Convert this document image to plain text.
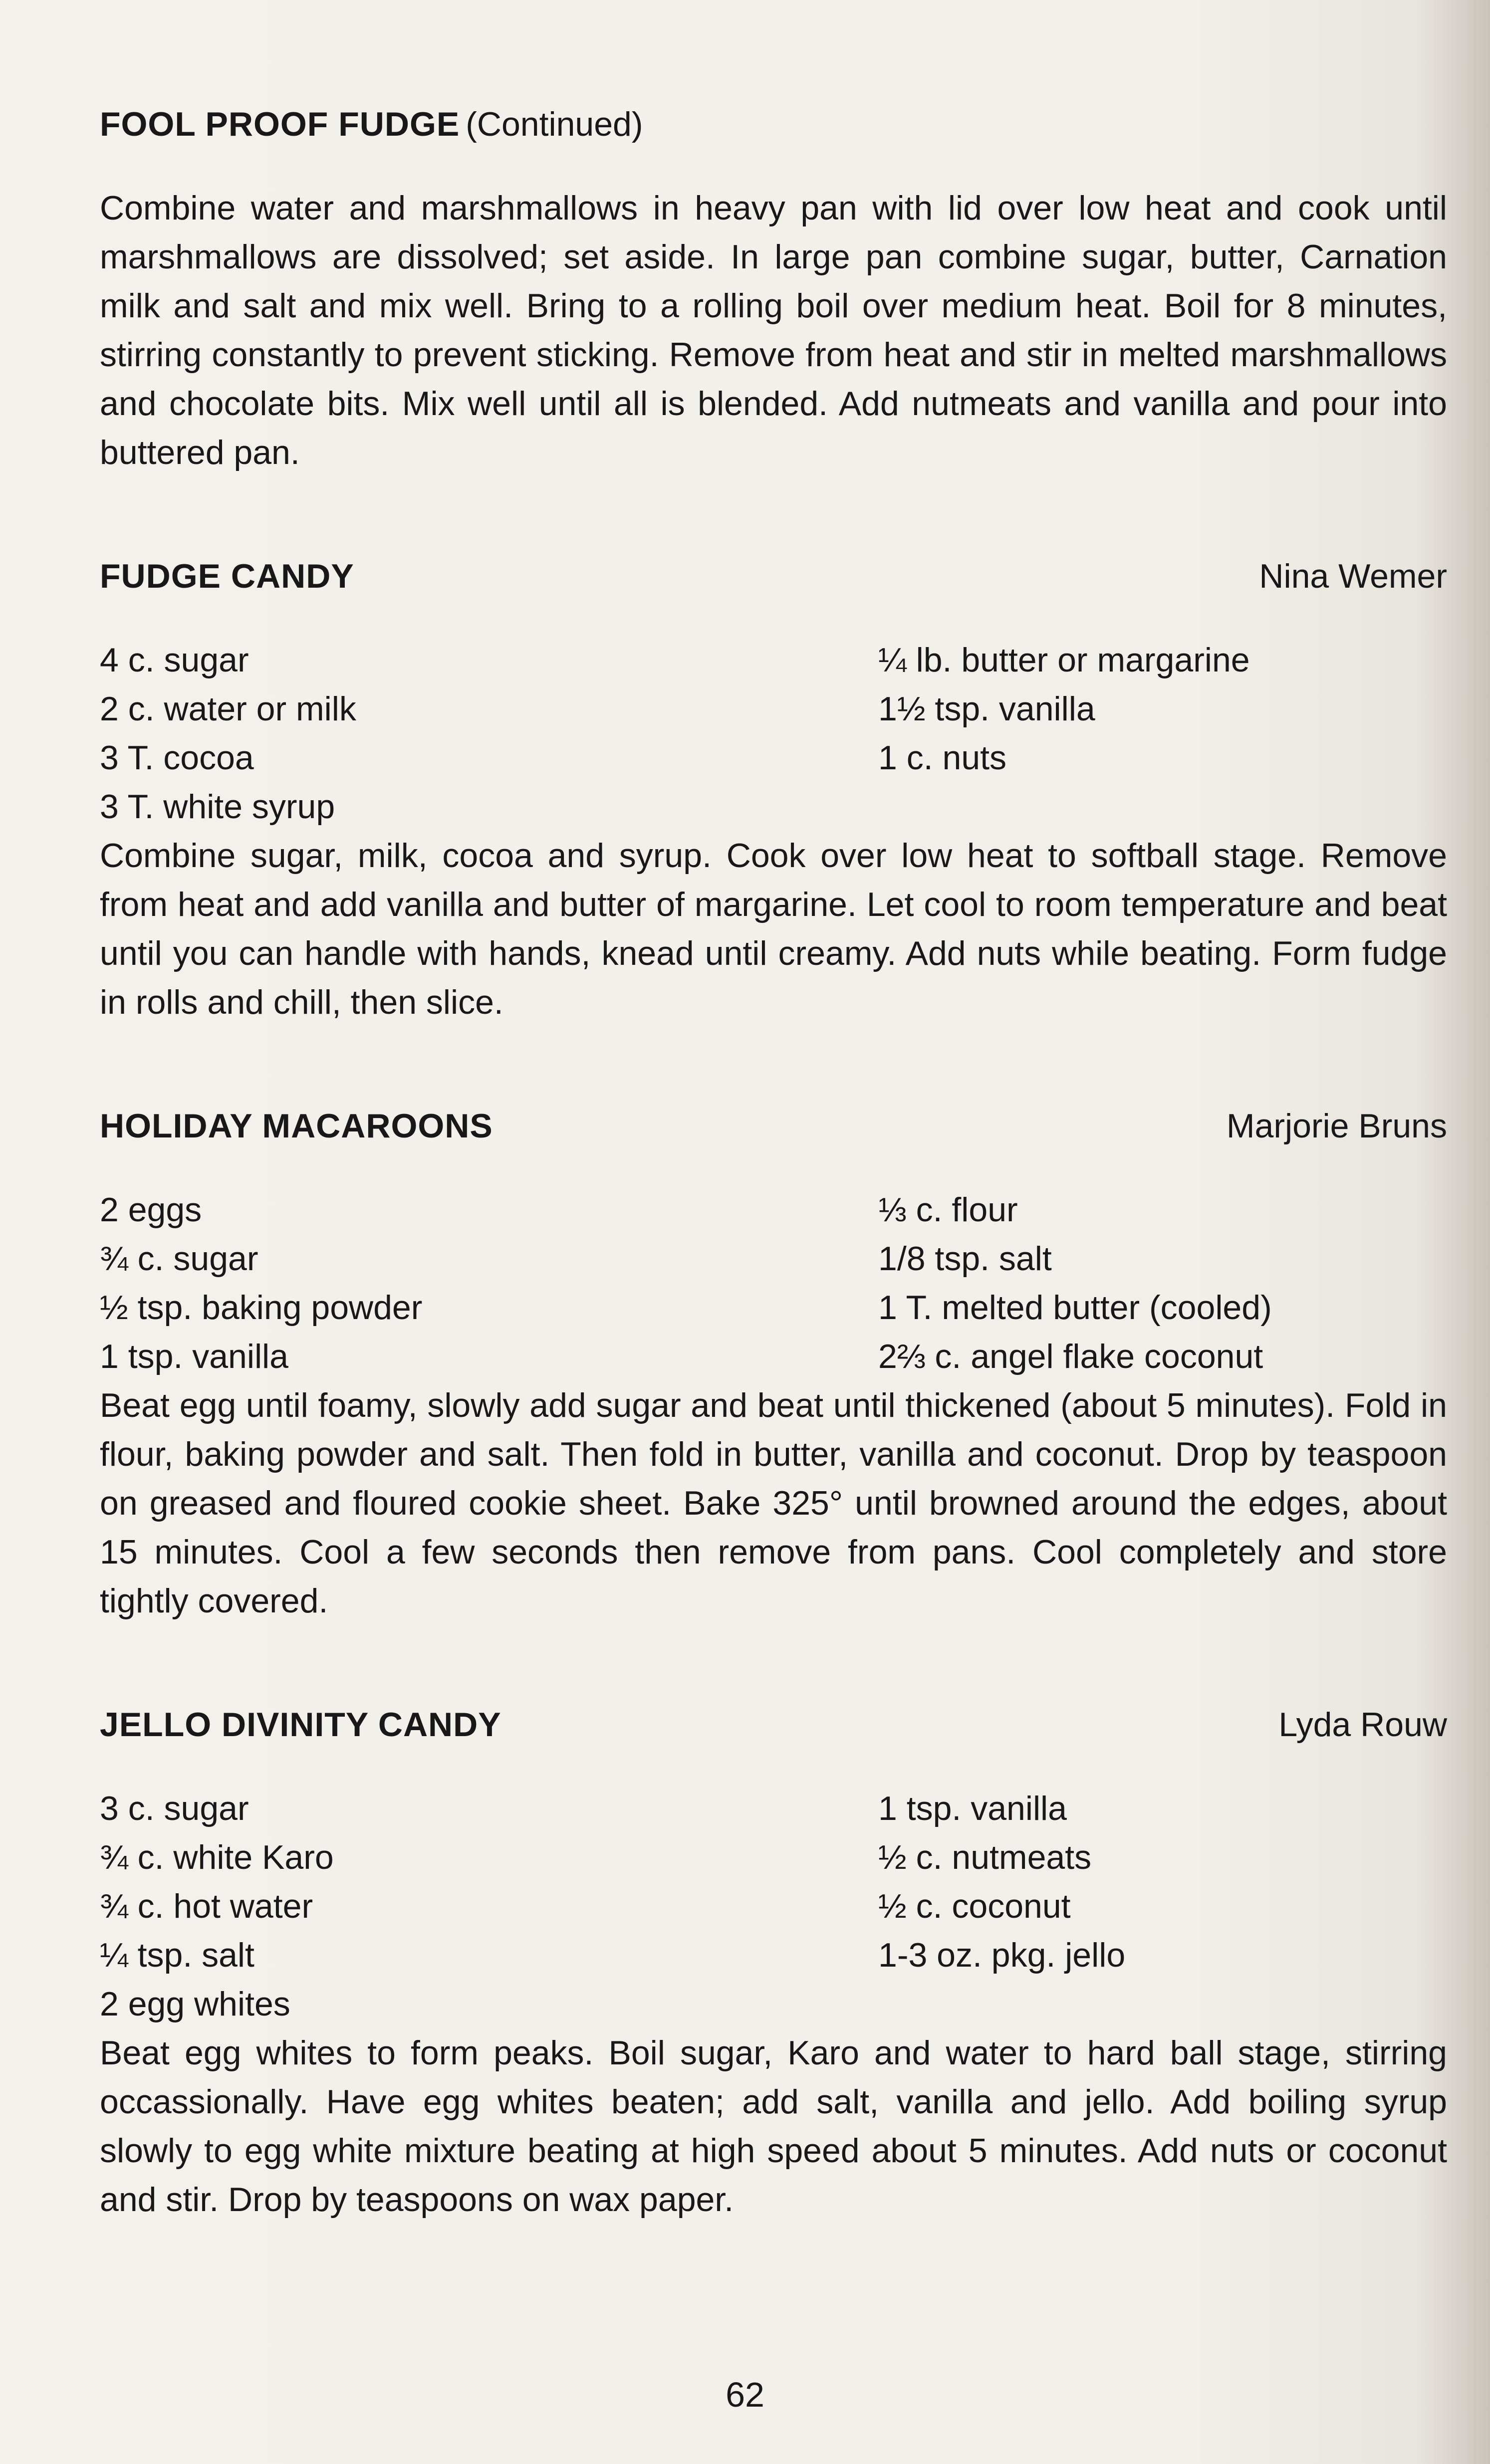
FOOL PROOF FUDGE (Continued)

Combine water and marshmallows in heavy pan with lid over low heat and cook until marshmallows are dissolved; set aside. In large pan combine sugar, butter, Carnation milk and salt and mix well. Bring to a rolling boil over medium heat. Boil for 8 minutes, stirring constantly to prevent sticking. Remove from heat and stir in melted marshmallows and chocolate bits. Mix well until all is blended. Add nutmeats and vanilla and pour into buttered pan.

FUDGE CANDY	Nina Wemer
4 c. sugar	¼ lb. butter or margarine
2 c. water or milk	1½ tsp. vanilla
3 T. cocoa	1 c. nuts
3 T. white syrup

Combine sugar, milk, cocoa and syrup. Cook over low heat to softball stage. Remove from heat and add vanilla and butter of margarine. Let cool to room temperature and beat until you can handle with hands, knead until creamy. Add nuts while beating. Form fudge in rolls and chill, then slice.

HOLIDAY MACAROONS	Marjorie Bruns
2 eggs	⅓ c. flour
¾ c. sugar	1/8 tsp. salt
½ tsp. baking powder	1 T. melted butter (cooled)
1 tsp. vanilla	2⅔ c. angel flake coconut

Beat egg until foamy, slowly add sugar and beat until thickened (about 5 minutes). Fold in flour, baking powder and salt. Then fold in butter, vanilla and coconut. Drop by teaspoon on greased and floured cookie sheet. Bake 325° until browned around the edges, about 15 minutes. Cool a few seconds then remove from pans. Cool completely and store tightly covered.

JELLO DIVINITY CANDY	Lyda Rouw
3 c. sugar	1 tsp. vanilla
¾ c. white Karo	½ c. nutmeats
¾ c. hot water	½ c. coconut
¼ tsp. salt	1-3 oz. pkg. jello
2 egg whites

Beat egg whites to form peaks. Boil sugar, Karo and water to hard ball stage, stirring occassionally. Have egg whites beaten; add salt, vanilla and jello. Add boiling syrup slowly to egg white mixture beating at high speed about 5 minutes. Add nuts or coconut and stir. Drop by teaspoons on wax paper.

62
